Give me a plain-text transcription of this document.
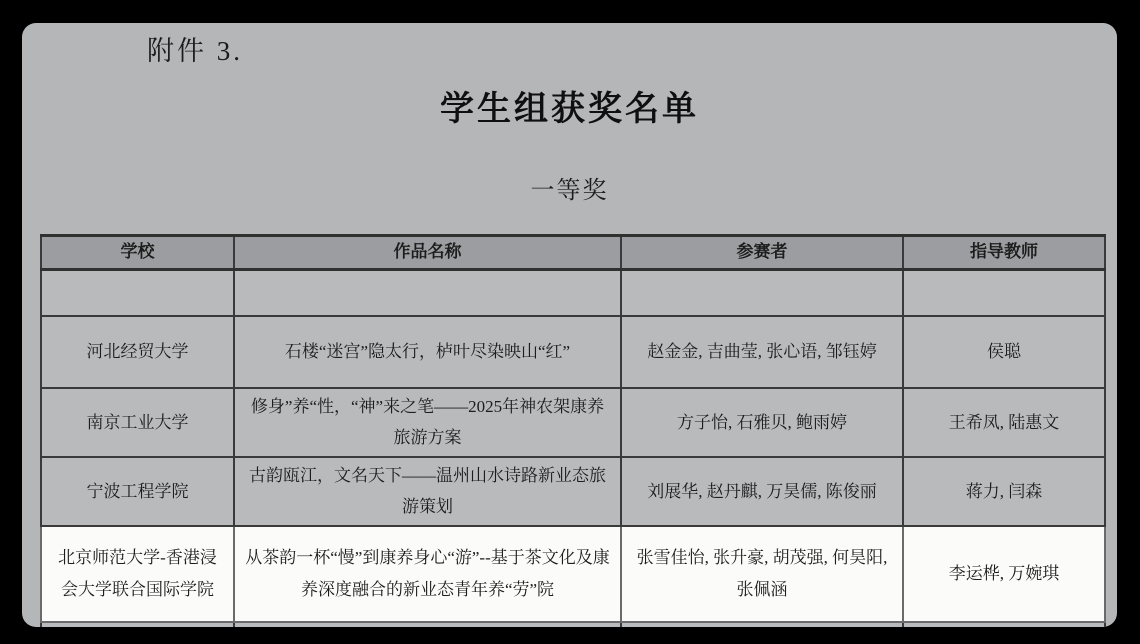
附件 3.
学生组获奖名单
一等奖
学校	作品名称	参赛者	指导教师

河北经贸大学	石楼“迷宫”隐太行，栌叶尽染映山“红”	赵金金, 吉曲莹, 张心语, 邹钰婷	侯聪
南京工业大学	修身”养“性，“神”来之笔——2025年神农架康养旅游方案	方子怡, 石雅贝, 鲍雨婷	王希凤, 陆惠文
宁波工程学院	古韵瓯江，文名天下——温州山水诗路新业态旅游策划	刘展华, 赵丹麒, 万昊儒, 陈俊丽	蒋力, 闫森
北京师范大学-香港浸会大学联合国际学院	从茶韵一杯“慢”到康养身心“游”--基于茶文化及康养深度融合的新业态青年养“劳”院	张雪佳怡, 张升豪, 胡茂强, 何昊阳, 张佩涵	李运桦, 万婉琪
